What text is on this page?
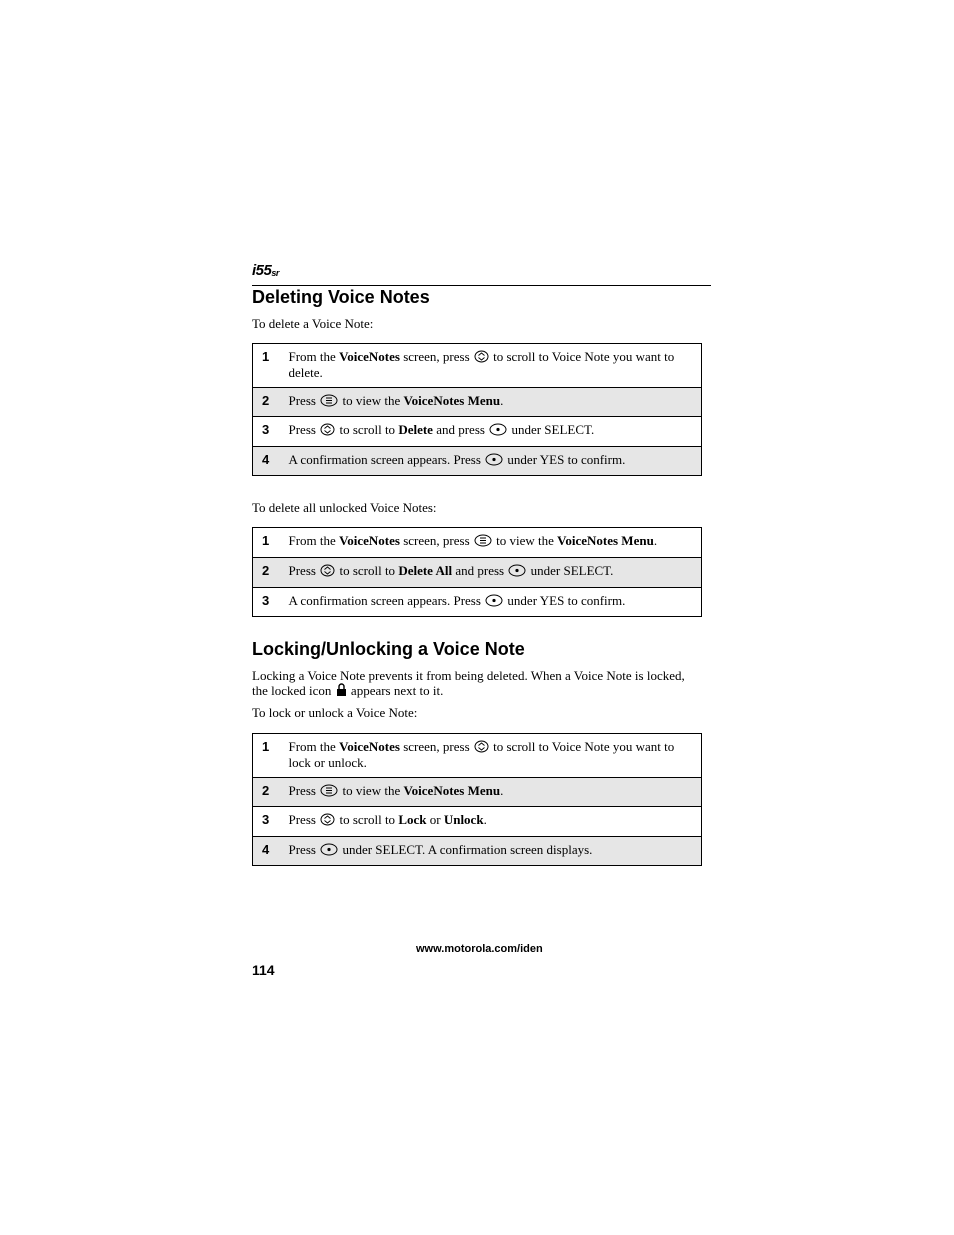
$i55_{sr}$
Deleting Voice Notes

To delete a Voice Note:

1	From the VoiceNotes screen, press  to scroll to Voice Note you want to delete.

2	Press  to view the VoiceNotes Menu.

3	Press  to scroll to Delete and press  under SELECT.

4	A confirmation screen appears. Press  under YES to confirm.

To delete all unlocked Voice Notes:

1	From the VoiceNotes screen, press  to view the VoiceNotes Menu.

2	Press  to scroll to Delete All and press  under SELECT.

3	A confirmation screen appears. Press  under YES to confirm.
Locking/Unlocking a Voice Note

Locking a Voice Note prevents it from being deleted. When a Voice Note is locked, the locked icon  appears next to it.

To lock or unlock a Voice Note:

1	From the VoiceNotes screen, press  to scroll to Voice Note you want to lock or unlock.

2	Press  to view the VoiceNotes Menu.

3	Press  to scroll to Lock or Unlock.

4	Press  under SELECT. A confirmation screen displays.
www.motorola.com/iden
114
